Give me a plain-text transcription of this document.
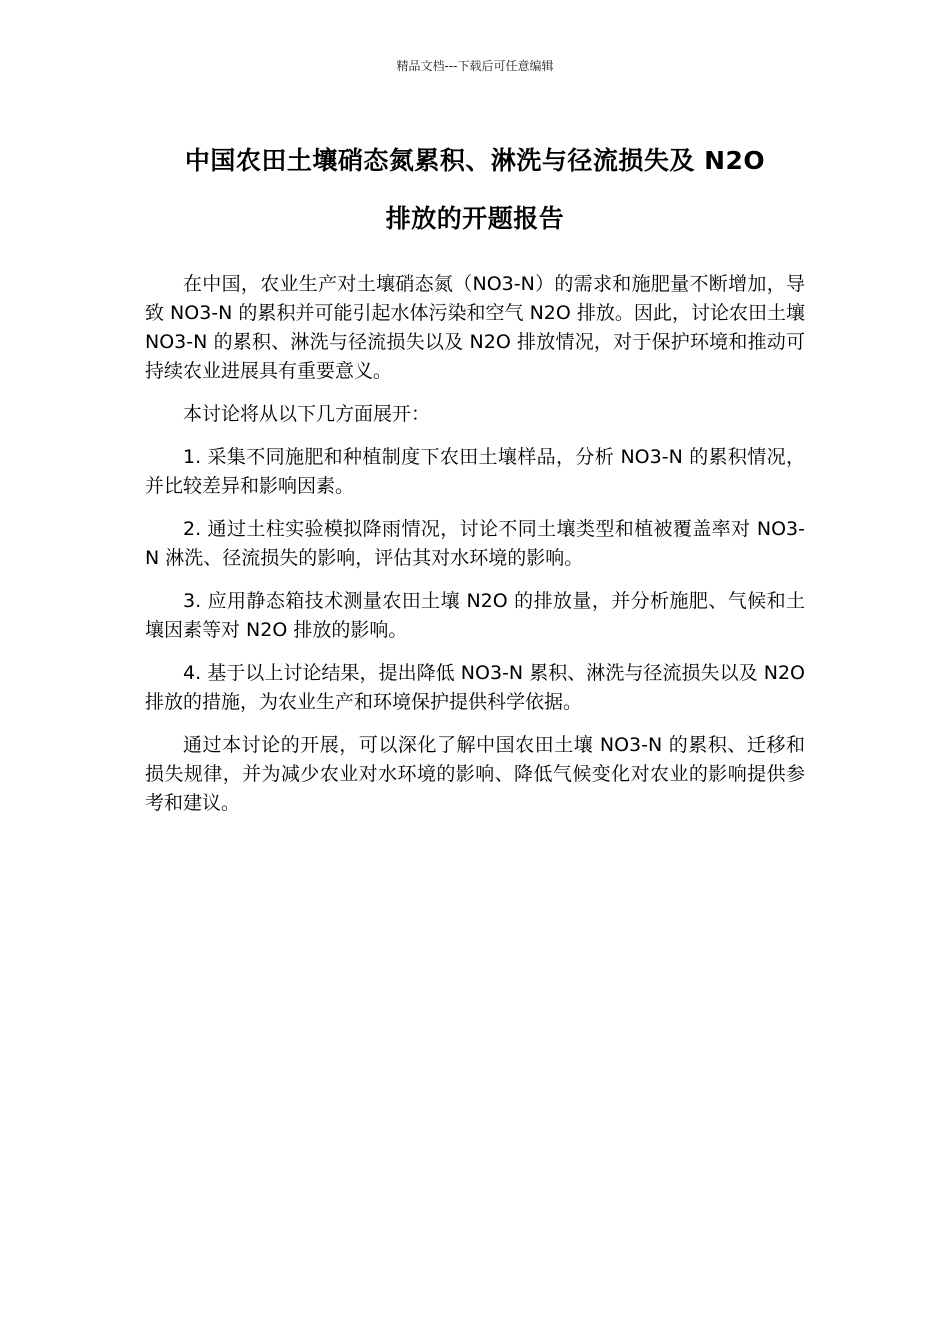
精品文档---下载后可任意编辑
中国农田土壤硝态氮累积、淋洗与径流损失及 N2O
排放的开题报告

在中国，农业生产对土壤硝态氮（NO3-N）的需求和施肥量不断增加，导致 NO3-N 的累积并可能引起水体污染和空气 N2O 排放。因此，讨论农田土壤 NO3-N 的累积、淋洗与径流损失以及 N2O 排放情况，对于保护环境和推动可持续农业进展具有重要意义。

本讨论将从以下几方面展开：

1. 采集不同施肥和种植制度下农田土壤样品，分析 NO3-N 的累积情况，并比较差异和影响因素。

2. 通过土柱实验模拟降雨情况，讨论不同土壤类型和植被覆盖率对 NO3-N 淋洗、径流损失的影响，评估其对水环境的影响。

3. 应用静态箱技术测量农田土壤 N2O 的排放量，并分析施肥、气候和土壤因素等对 N2O 排放的影响。

4. 基于以上讨论结果，提出降低 NO3-N 累积、淋洗与径流损失以及 N2O 排放的措施，为农业生产和环境保护提供科学依据。

通过本讨论的开展，可以深化了解中国农田土壤 NO3-N 的累积、迁移和损失规律，并为减少农业对水环境的影响、降低气候变化对农业的影响提供参考和建议。
